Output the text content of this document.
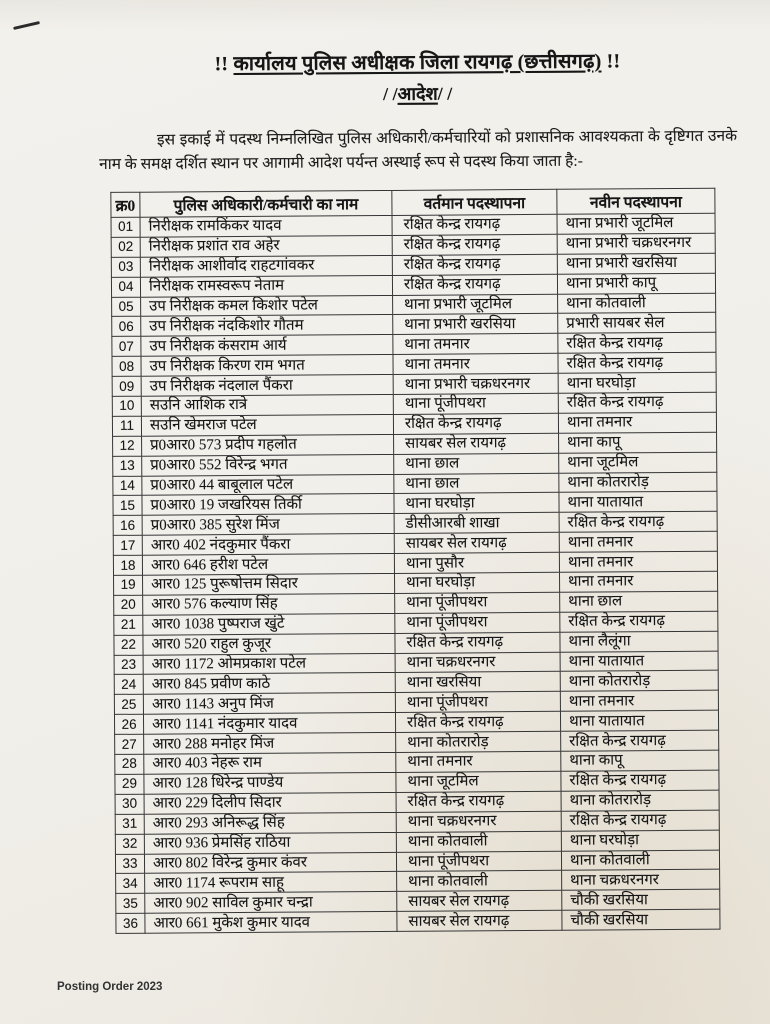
!! कार्यालय पुलिस अधीक्षक जिला रायगढ़ (छत्तीसगढ़) !!
/ /आदेश/ /

इस इकाई में पदस्थ निम्नलिखित पुलिस अधिकारी/कर्मचारियों को प्रशासनिक आवश्यकता के दृष्टिगत उनके नाम के समक्ष दर्शित स्थान पर आगामी आदेश पर्यन्त अस्थाई रूप से पदस्थ किया जाता है:-

क्र0	पुलिस अधिकारी/कर्मचारी का नाम	वर्तमान पदस्थापना	नवीन पदस्थापना
01	निरीक्षक रामकिंकर यादव	रक्षित केन्द्र रायगढ़	थाना प्रभारी जूटमिल
02	निरीक्षक प्रशांत राव अहेर	रक्षित केन्द्र रायगढ़	थाना प्रभारी चक्रधरनगर
03	निरीक्षक आशीर्वाद राहटगांवकर	रक्षित केन्द्र रायगढ़	थाना प्रभारी खरसिया
04	निरीक्षक रामस्वरूप नेताम	रक्षित केन्द्र रायगढ़	थाना प्रभारी कापू
05	उप निरीक्षक कमल किशोर पटेल	थाना प्रभारी जूटमिल	थाना कोतवाली
06	उप निरीक्षक नंदकिशोर गौतम	थाना प्रभारी खरसिया	प्रभारी सायबर सेल
07	उप निरीक्षक कंसराम आर्य	थाना तमनार	रक्षित केन्द्र रायगढ़
08	उप निरीक्षक किरण राम भगत	थाना तमनार	रक्षित केन्द्र रायगढ़
09	उप निरीक्षक नंदलाल पैंकरा	थाना प्रभारी चक्रधरनगर	थाना घरघोड़ा
10	सउनि आशिक रात्रे	थाना पूंजीपथरा	रक्षित केन्द्र रायगढ़
11	सउनि खेमराज पटेल	रक्षित केन्द्र रायगढ़	थाना तमनार
12	प्र0आर0 573 प्रदीप गहलोत	सायबर सेल रायगढ़	थाना कापू
13	प्र0आर0 552 विरेन्द्र भगत	थाना छाल	थाना जूटमिल
14	प्र0आर0 44 बाबूलाल पटेल	थाना छाल	थाना कोतरारोड़
15	प्र0आर0 19 जखरियस तिर्की	थाना घरघोड़ा	थाना यातायात
16	प्र0आर0 385 सुरेश मिंज	डीसीआरबी शाखा	रक्षित केन्द्र रायगढ़
17	आर0 402 नंदकुमार पैंकरा	सायबर सेल रायगढ़	थाना तमनार
18	आर0 646 हरीश पटेल	थाना पुसौर	थाना तमनार
19	आर0 125 पुरूषोत्तम सिदार	थाना घरघोड़ा	थाना तमनार
20	आर0 576 कल्याण सिंह	थाना पूंजीपथरा	थाना छाल
21	आर0 1038 पुष्पराज खुंटे	थाना पूंजीपथरा	रक्षित केन्द्र रायगढ़
22	आर0 520 राहुल कुजूर	रक्षित केन्द्र रायगढ़	थाना लैलूंगा
23	आर0 1172 ओमप्रकाश पटेल	थाना चक्रधरनगर	थाना यातायात
24	आर0 845 प्रवीण काठे	थाना खरसिया	थाना कोतरारोड़
25	आर0 1143 अनुप मिंज	थाना पूंजीपथरा	थाना तमनार
26	आर0 1141 नंदकुमार यादव	रक्षित केन्द्र रायगढ़	थाना यातायात
27	आर0 288 मनोहर मिंज	थाना कोतरारोड़	रक्षित केन्द्र रायगढ़
28	आर0 403 नेहरू राम	थाना तमनार	थाना कापू
29	आर0 128 धिरेन्द्र पाण्डेय	थाना जूटमिल	रक्षित केन्द्र रायगढ़
30	आर0 229 दिलीप सिदार	रक्षित केन्द्र रायगढ़	थाना कोतरारोड़
31	आर0 293 अनिरूद्ध सिंह	थाना चक्रधरनगर	रक्षित केन्द्र रायगढ़
32	आर0 936 प्रेमसिंह राठिया	थाना कोतवाली	थाना घरघोड़ा
33	आर0 802 विरेन्द्र कुमार कंवर	थाना पूंजीपथरा	थाना कोतवाली
34	आर0 1174 रूपराम साहू	थाना कोतवाली	थाना चक्रधरनगर
35	आर0 902 साविल कुमार चन्द्रा	सायबर सेल रायगढ़	चौकी खरसिया
36	आर0 661 मुकेश कुमार यादव	सायबर सेल रायगढ़	चौकी खरसिया
Posting Order 2023
